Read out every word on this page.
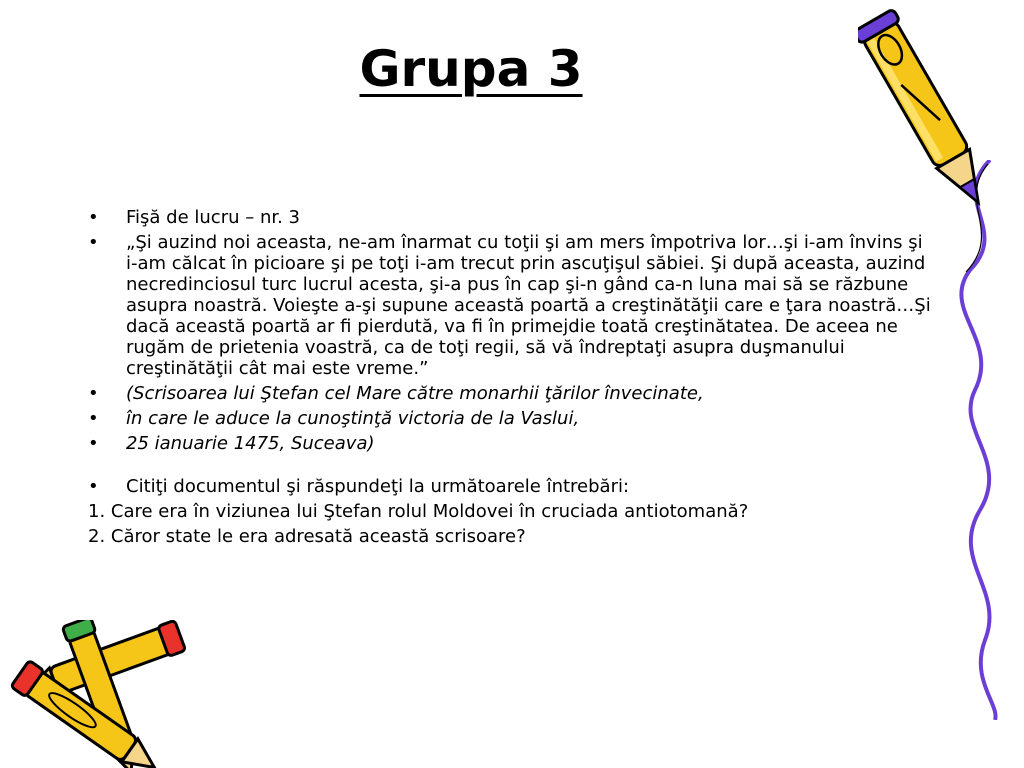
Grupa 3
• Fişă de lucru – nr. 3
• „Şi auzind noi aceasta, ne-am înarmat cu toţii şi am mers împotriva lor…şi i-am învins şi i-am călcat în picioare şi pe toţi i-am trecut prin ascuţişul săbiei. Şi după aceasta, auzind necredinciosul turc lucrul acesta, şi-a pus în cap şi-n gând ca-n luna mai să se răzbune asupra noastră. Voieşte a-şi supune această poartă a creştinătăţii care e ţara noastră…Şi dacă această poartă ar fi pierdută, va fi în primejdie toată creştinătatea. De aceea ne rugăm de prietenia voastră, ca de toţi regii, să vă îndreptaţi asupra duşmanului creştinătăţii cât mai este vreme.”
• (Scrisoarea lui Ştefan cel Mare către monarhii ţărilor învecinate,
• în care le aduce la cunoştinţă victoria de la Vaslui,
• 25 ianuarie 1475, Suceava)
• Citiţi documentul şi răspundeţi la următoarele întrebări:
1. Care era în viziunea lui Ştefan rolul Moldovei în cruciada antiotomană?
2. Căror state le era adresată această scrisoare?
